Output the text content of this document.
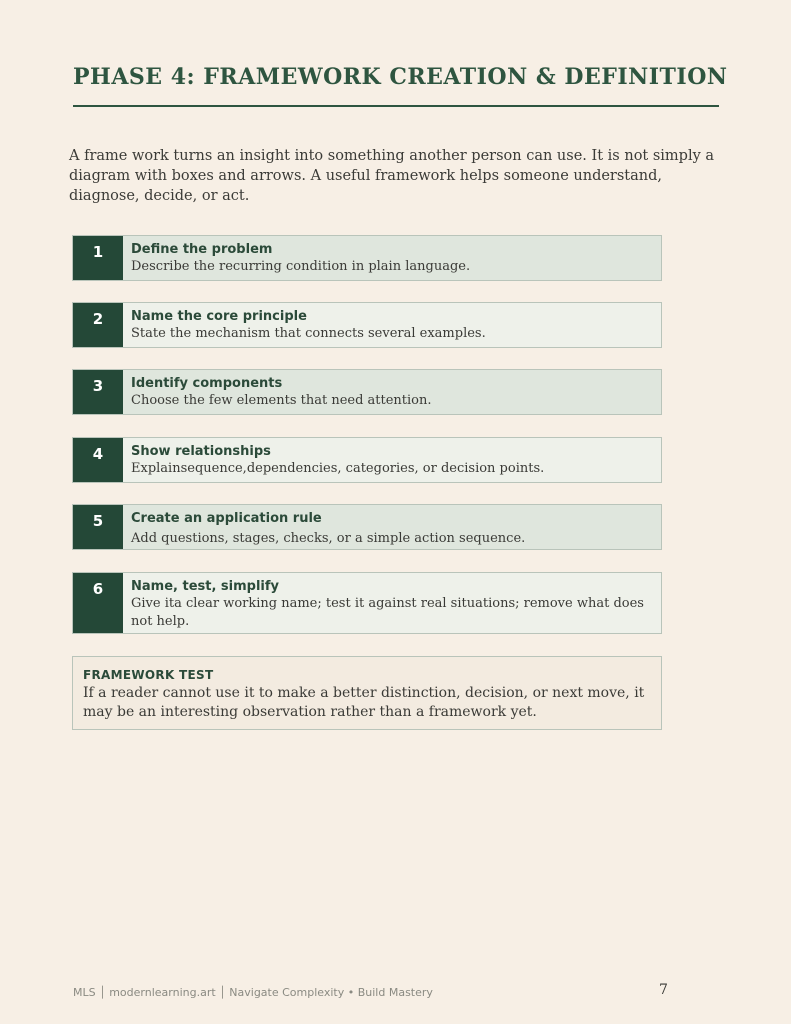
PHASE 4: FRAMEWORK CREATION & DEFINITION

A frame work turns an insight into something another person can use. It is not simply a diagram with boxes and arrows. A useful framework helps someone understand, diagnose, decide, or act.

1	Define the problem
Describe the recurring condition in plain language.
2	Name the core principle
State the mechanism that connects several examples.
3	Identify components
Choose the few elements that need attention.
4	Show relationships
Explainsequence,dependencies, categories, or decision points.
5	Create an application rule
Add questions, stages, checks, or a simple action sequence.
6	Name, test, simplify
Give ita clear working name; test it against real situations; remove what does not help.
FRAMEWORK TEST
If a reader cannot use it to make a better distinction, decision, or next move, it may be an interesting observation rather than a framework yet.
MLS │ modernlearning.art │ Navigate Complexity • Build Mastery	7
